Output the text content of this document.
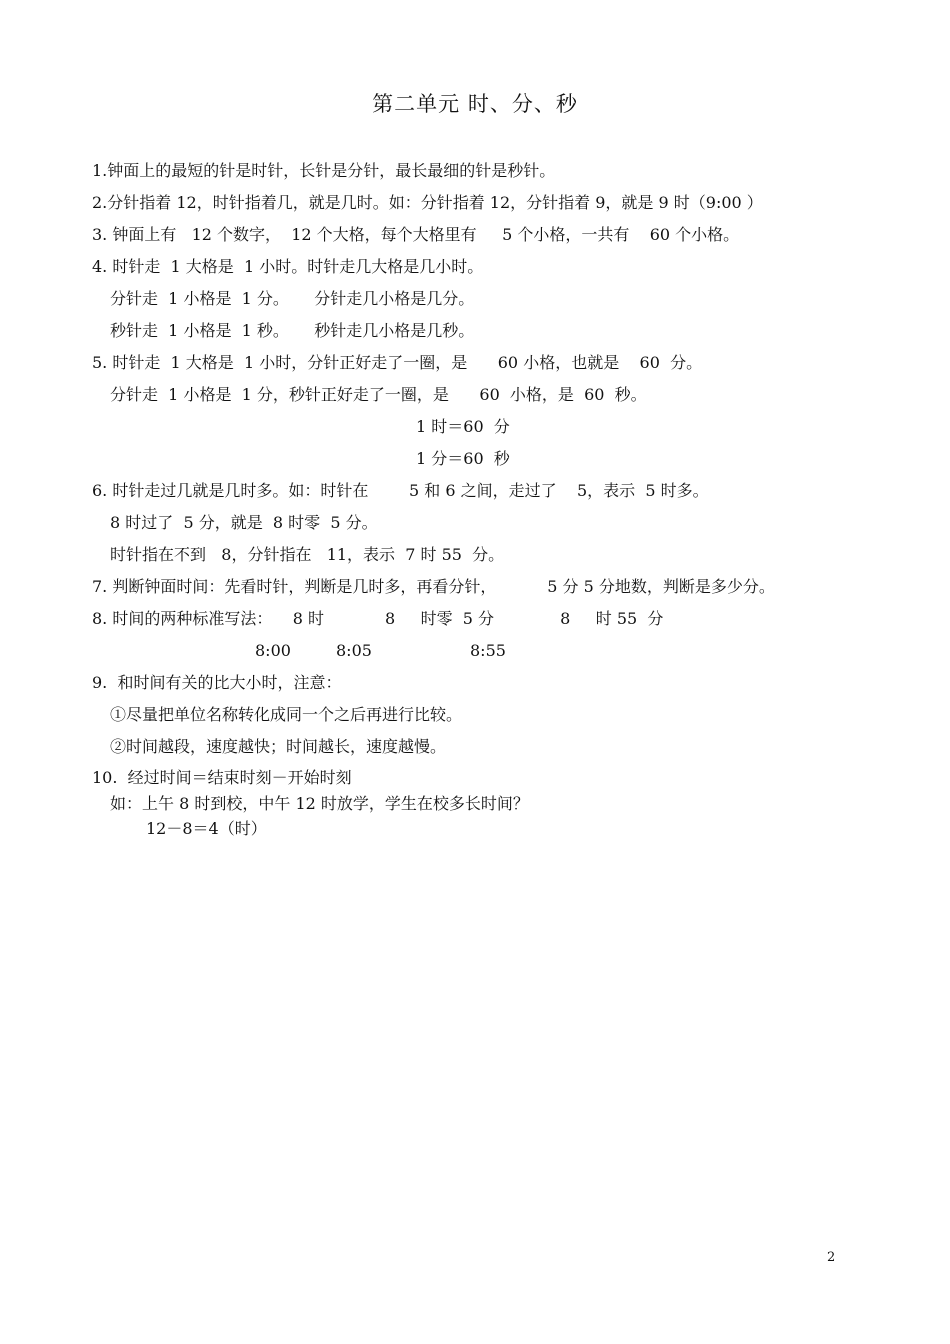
第二单元 时、分、秒
1.钟面上的最短的针是时针，长针是分针，最长最细的针是秒针。
2.分针指着 12，时针指着几，就是几时。如：分针指着 12，分针指着 9，就是 9 时（9:00 ）
3. 钟面上有   12 个数字，  12 个大格，每个大格里有     5 个小格，一共有    60 个小格。
4. 时针走  1 大格是  1 小时。时针走几大格是几小时。
分针走  1 小格是  1 分。     分针走几小格是几分。
秒针走  1 小格是  1 秒。     秒针走几小格是几秒。
5. 时针走  1 大格是  1 小时，分针正好走了一圈，是      60 小格，也就是    60  分。
分针走  1 小格是  1 分，秒针正好走了一圈，是      60  小格，是  60  秒。
1 时＝60  分
1 分＝60  秒
6. 时针走过几就是几时多。如：时针在        5 和 6 之间，走过了    5，表示  5 时多。
8 时过了  5 分，就是  8 时零  5 分。
时针指在不到   8，分针指在   11，表示  7 时 55  分。
7. 判断钟面时间：先看时针，判断是几时多，再看分针，          5 分 5 分地数，判断是多少分。
8. 时间的两种标准写法：    8 时            8     时零  5 分             8     时 55  分
8:00	8:05	8:55
9.  和时间有关的比大小时，注意：
①尽量把单位名称转化成同一个之后再进行比较。
②时间越段，速度越快；时间越长，速度越慢。
10.  经过时间＝结束时刻－开始时刻
如：上午 8 时到校，中午 12 时放学，学生在校多长时间？
12－8＝4（时）
2
